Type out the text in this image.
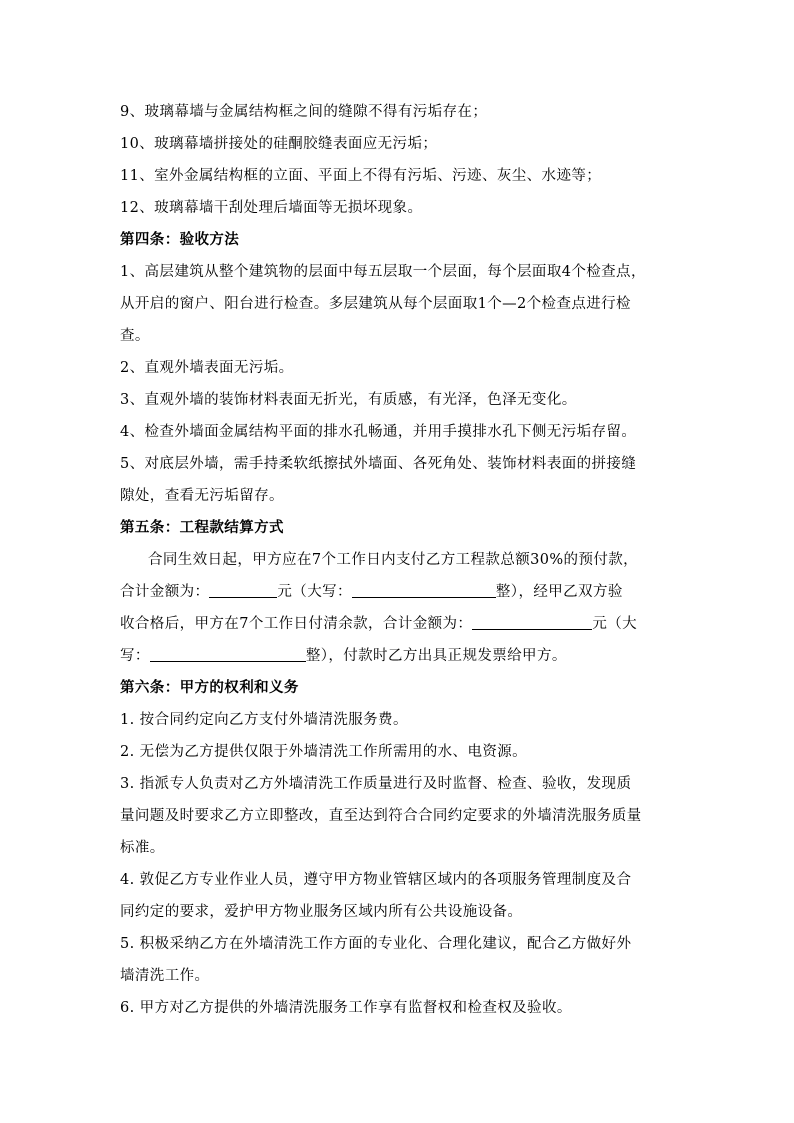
9、玻璃幕墙与金属结构框之间的缝隙不得有污垢存在；
10、玻璃幕墙拼接处的硅酮胶缝表面应无污垢；
11、室外金属结构框的立面、平面上不得有污垢、污迹、灰尘、水迹等；
12、玻璃幕墙干刮处理后墙面等无损坏现象。
第四条：验收方法
1、高层建筑从整个建筑物的层面中每五层取一个层面，每个层面取4个检查点，
从开启的窗户、阳台进行检查。多层建筑从每个层面取1个—2个检查点进行检
查。
2、直观外墙表面无污垢。
3、直观外墙的装饰材料表面无折光，有质感，有光泽，色泽无变化。
4、检查外墙面金属结构平面的排水孔畅通，并用手摸排水孔下侧无污垢存留。
5、对底层外墙，需手持柔软纸擦拭外墙面、各死角处、装饰材料表面的拼接缝
隙处，查看无污垢留存。
第五条：工程款结算方式
合同生效日起，甲方应在7个工作日内支付乙方工程款总额30%的预付款，
合计金额为：	元（大写：	整），经甲乙双方验
收合格后，甲方在7个工作日付清余款，合计金额为：	元（大
写：	整），付款时乙方出具正规发票给甲方。
第六条：甲方的权利和义务
1. 按合同约定向乙方支付外墙清洗服务费。
2. 无偿为乙方提供仅限于外墙清洗工作所需用的水、电资源。
3. 指派专人负责对乙方外墙清洗工作质量进行及时监督、检查、验收，发现质
量问题及时要求乙方立即整改，直至达到符合合同约定要求的外墙清洗服务质量
标准。
4. 敦促乙方专业作业人员，遵守甲方物业管辖区域内的各项服务管理制度及合
同约定的要求，爱护甲方物业服务区域内所有公共设施设备。
5. 积极采纳乙方在外墙清洗工作方面的专业化、合理化建议，配合乙方做好外
墙清洗工作。
6. 甲方对乙方提供的外墙清洗服务工作享有监督权和检查权及验收。
